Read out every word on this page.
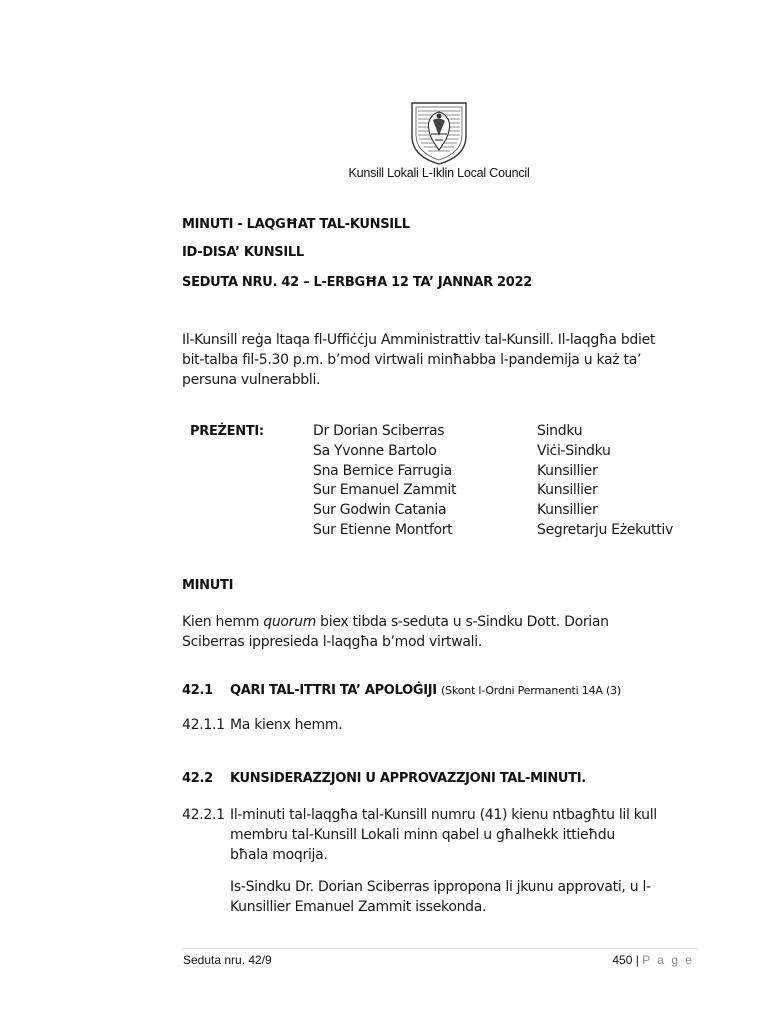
Kunsill Lokali L-Iklin Local Council
MINUTI - LAQGĦAT TAL-KUNSILL
ID-DISA’ KUNSILL
SEDUTA NRU. 42 – L-ERBGĦA 12 TA’ JANNAR 2022
Il-Kunsill reġa ltaqa fl-Uffiċċju Amministrattiv tal-Kunsill. Il-laqgħa bdiet
bit-talba fil-5.30 p.m. b’mod virtwali minħabba l-pandemija u każ ta’
persuna vulnerabbli.
PREŻENTI:	Dr Dorian Sciberras
Sa Yvonne Bartolo
Sna Bernice Farrugia
Sur Emanuel Zammit
Sur Godwin Catania
Sur Etienne Montfort
Sindku
Viċi-Sindku
Kunsillier
Kunsillier
Kunsillier
Segretarju Eżekuttiv
MINUTI
Kien hemm quorum biex tibda s-seduta u s-Sindku Dott. Dorian
Sciberras ippresieda l-laqgħa b’mod virtwali.
42.1 QARI TAL-ITTRI TA’ APOLOĠIJI (Skont l-Ordni Permanenti 14A (3)
42.1.1 Ma kienx hemm.
42.2 KUNSIDERAZZJONI U APPROVAZZJONI TAL-MINUTI.
42.2.1 Il-minuti tal-laqgħa tal-Kunsill numru (41) kienu ntbagħtu lil kull
membru tal-Kunsill Lokali minn qabel u għalhekk ittieħdu
bħala moqrija.
Is-Sindku Dr. Dorian Sciberras ippropona li jkunu approvati, u l-
Kunsillier Emanuel Zammit issekonda.
Seduta nru. 42/9	450 | P a g e
